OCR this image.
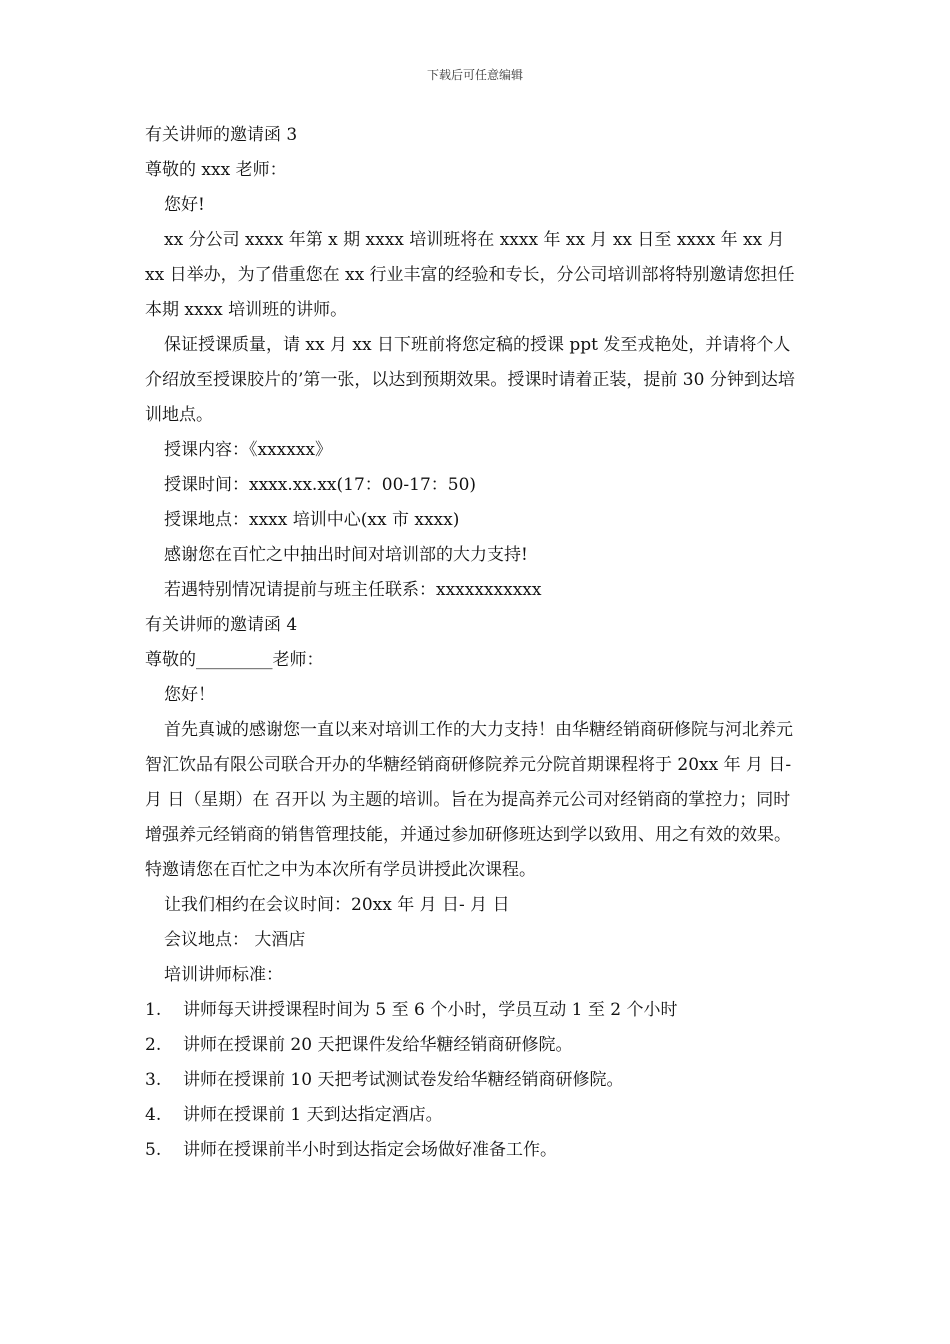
下载后可任意编辑

有关讲师的邀请函 3

尊敬的 xxx 老师：

您好!

xx 分公司 xxxx 年第 x 期 xxxx 培训班将在 xxxx 年 xx 月 xx 日至 xxxx 年 xx 月 xx 日举办，为了借重您在 xx 行业丰富的经验和专长，分公司培训部将特别邀请您担任本期 xxxx 培训班的讲师。

保证授课质量，请 xx 月 xx 日下班前将您定稿的授课 ppt 发至戎艳处，并请将个人介绍放至授课胶片的’第一张，以达到预期效果。授课时请着正装，提前 30 分钟到达培训地点。

授课内容：《xxxxxx》

授课时间：xxxx.xx.xx(17：00-17：50)

授课地点：xxxx 培训中心(xx 市 xxxx)

感谢您在百忙之中抽出时间对培训部的大力支持!

若遇特别情况请提前与班主任联系：xxxxxxxxxxx

有关讲师的邀请函 4

尊敬的_________老师：

您好！

首先真诚的感谢您一直以来对培训工作的大力支持！由华糖经销商研修院与河北养元智汇饮品有限公司联合开办的华糖经销商研修院养元分院首期课程将于 20xx 年 月 日- 月 日（星期）在 召开以 为主题的培训。旨在为提高养元公司对经销商的掌控力；同时增强养元经销商的销售管理技能，并通过参加研修班达到学以致用、用之有效的效果。特邀请您在百忙之中为本次所有学员讲授此次课程。

让我们相约在会议时间：20xx 年 月 日- 月 日

会议地点： 大酒店

培训讲师标准：

1. 讲师每天讲授课程时间为 5 至 6 个小时，学员互动 1 至 2 个小时

2. 讲师在授课前 20 天把课件发给华糖经销商研修院。

3. 讲师在授课前 10 天把考试测试卷发给华糖经销商研修院。

4. 讲师在授课前 1 天到达指定酒店。

5. 讲师在授课前半小时到达指定会场做好准备工作。
